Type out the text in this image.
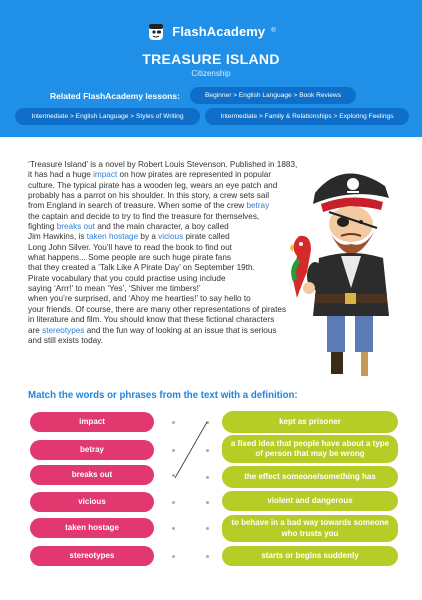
FlashAcademy ®
TREASURE ISLAND
Citizenship
Related FlashAcademy lessons:	Beginner > English Language > Book Reviews
Intermediate > English Language > Styles of Writing	Intermediate > Family & Relationships > Exploring Feelings
‘Treasure Island’ is a novel by Robert Louis Stevenson. Published in 1883,
it has had a huge impact on how pirates are represented in popular
culture. The typical pirate has a wooden leg, wears an eye patch and
probably has a parrot on his shoulder. In this story, a crew sets sail
from England in search of treasure. When some of the crew betray
the captain and decide to try to find the treasure for themselves,
fighting breaks out and the main character, a boy called
Jim Hawkins, is taken hostage by a vicious pirate called
Long John Silver. You’ll have to read the book to find out
what happens... Some people are such huge pirate fans
that they created a ‘Talk Like A Pirate Day’ on September 19th.
Pirate vocabulary that you could practise using include
saying ‘Arrr!’ to mean ‘Yes’, ‘Shiver me timbers!’
when you’re surprised, and ‘Ahoy me hearties!’ to say hello to
your friends. Of course, there are many other representations of pirates
in literature and film. You should know that these fictional characters
are stereotypes and the fun way of looking at an issue that is serious
and still exists today.
Match the words or phrases from the text with a definition:
impact
betray
breaks out
vicious
taken hostage
stereotypes
kept as prisoner
a fixed idea that people have about a type of person that may be wrong
the effect someone/something has
violent and dangerous
to behave in a bad way towards someone who trusts you
starts or begins suddenly
